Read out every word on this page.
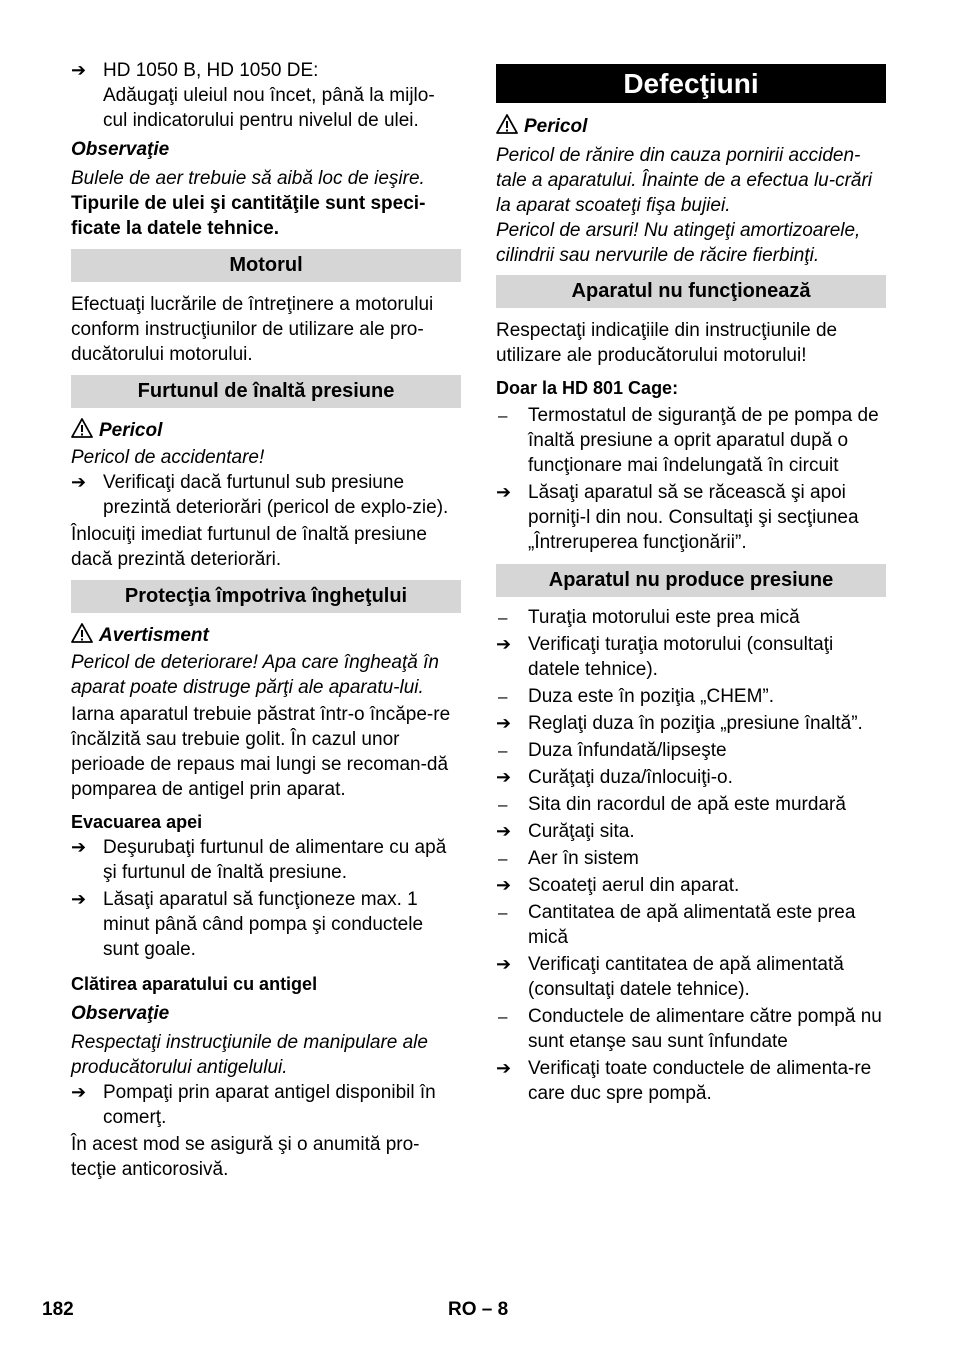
➔ HD 1050 B, HD 1050 DE:

Adăugaţi uleiul nou încet, până la mijlo-cul indicatorului pentru nivelul de ulei.

Observaţie

Bulele de aer trebuie să aibă loc de ieşire.

Tipurile de ulei şi cantităţile sunt speci-ficate la datele tehnice.

Motorul

Efectuaţi lucrările de întreţinere a motorului conform instrucţiunilor de utilizare ale pro-ducătorului motorului.

Furtunul de înaltă presiune

Pericol

Pericol de accidentare!

➔ Verificaţi dacă furtunul sub presiune prezintă deteriorări (pericol de explo-zie).

Înlocuiţi imediat furtunul de înaltă presiune dacă prezintă deteriorări.

Protecţia împotriva îngheţului

Avertisment

Pericol de deteriorare! Apa care îngheaţă în aparat poate distruge părţi ale aparatu-lui.

Iarna aparatul trebuie păstrat într-o încăpe-re încălzită sau trebuie golit. În cazul unor perioade de repaus mai lungi se recoman-dă pomparea de antigel prin aparat.

Evacuarea apei

➔ Deşurubaţi furtunul de alimentare cu apă şi furtunul de înaltă presiune.

➔ Lăsaţi aparatul să funcţioneze max. 1 minut până când pompa şi conductele sunt goale.

Clătirea aparatului cu antigel

Observaţie

Respectaţi instrucţiunile de manipulare ale producătorului antigelului.

➔ Pompaţi prin aparat antigel disponibil în comerţ.

În acest mod se asigură şi o anumită pro-tecţie anticorosivă.

Defecţiuni

Pericol

Pericol de rănire din cauza pornirii acciden-tale a aparatului. Înainte de a efectua lu-crări la aparat scoateţi fişa bujiei.

Pericol de arsuri! Nu atingeţi amortizoarele, cilindrii sau nervurile de răcire fierbinţi.

Aparatul nu funcţionează

Respectaţi indicaţiile din instrucţiunile de utilizare ale producătorului motorului!

Doar la HD 801 Cage:

–	Termostatul de siguranţă de pe pompa de înaltă presiune a oprit aparatul după o funcţionare mai îndelungată în circuit

➔ Lăsaţi aparatul să se răcească şi apoi porniţi-l din nou. Consultaţi şi secţiunea „Întreruperea funcţionării”.

Aparatul nu produce presiune
–	Turaţia motorului este prea mică

➔ Verificaţi turaţia motorului (consultaţi datele tehnice).

–	Duza este în poziţia „CHEM”.

➔ Reglaţi duza în poziţia „presiune înaltă”.

–	Duza înfundată/lipseşte

➔ Curăţaţi duza/înlocuiţi-o.

–	Sita din racordul de apă este murdară

➔ Curăţaţi sita.

–	Aer în sistem

➔ Scoateţi aerul din aparat.

–	Cantitatea de apă alimentată este prea mică

➔ Verificaţi cantitatea de apă alimentată (consultaţi datele tehnice).

–	Conductele de alimentare către pompă nu sunt etanşe sau sunt înfundate

➔ Verificaţi toate conductele de alimenta-re care duc spre pompă.

182	RO – 8
